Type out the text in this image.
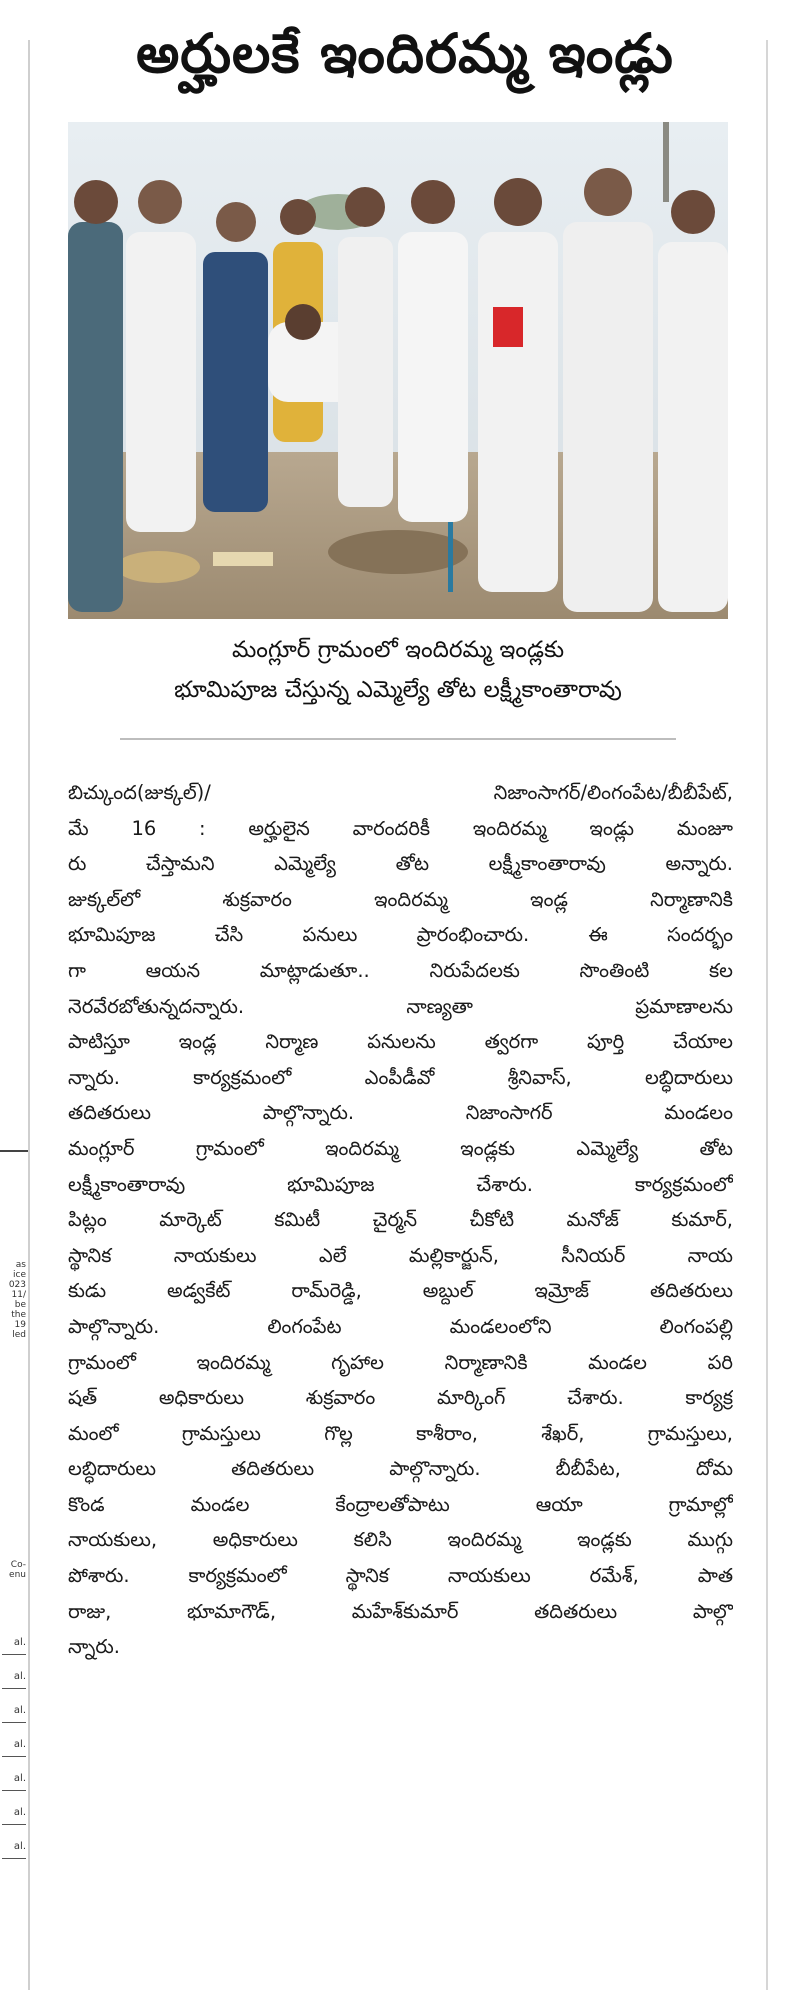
అర్హులకే ఇందిరమ్మ ఇండ్లు
మంగ్లూర్ గ్రామంలో ఇందిరమ్మ ఇండ్లకు
భూమిపూజ చేస్తున్న ఎమ్మెల్యే తోట లక్ష్మీకాంతారావు
బిచ్కుంద(జుక్కల్)/ నిజాంసాగర్/లింగంపేట/బీబీపేట్,
మే 16 : అర్హులైన వారందరికీ ఇందిరమ్మ ఇండ్లు మంజూ
రు చేస్తామని ఎమ్మెల్యే తోట లక్ష్మీకాంతారావు అన్నారు.
జుక్కల్‌లో శుక్రవారం ఇందిరమ్మ ఇండ్ల నిర్మాణానికి
భూమిపూజ చేసి పనులు ప్రారంభించారు. ఈ సందర్భం
గా ఆయన మాట్లాడుతూ.. నిరుపేదలకు సొంతింటి కల
నెరవేరబోతున్నదన్నారు. నాణ్యతా ప్రమాణాలను
పాటిస్తూ ఇండ్ల నిర్మాణ పనులను త్వరగా పూర్తి చేయాల
న్నారు. కార్యక్రమంలో ఎంపీడీవో శ్రీనివాస్, లబ్ధిదారులు
తదితరులు పాల్గొన్నారు. నిజాంసాగర్ మండలం
మంగ్లూర్ గ్రామంలో ఇందిరమ్మ ఇండ్లకు ఎమ్మెల్యే తోట
లక్ష్మీకాంతారావు భూమిపూజ చేశారు. కార్యక్రమంలో
పిట్లం మార్కెట్ కమిటీ చైర్మన్ చీకోటి మనోజ్ కుమార్,
స్థానిక నాయకులు ఎలే మల్లికార్జున్, సీనియర్ నాయ
కుడు అడ్వకేట్ రామ్‌రెడ్డి, అబ్దుల్ ఇమ్రోజ్ తదితరులు
పాల్గొన్నారు. లింగంపేట మండలంలోని లింగంపల్లి
గ్రామంలో ఇందిరమ్మ గృహాల నిర్మాణానికి మండల పరి
షత్ అధికారులు శుక్రవారం మార్కింగ్ చేశారు. కార్యక్ర
మంలో గ్రామస్తులు గొల్ల కాశీరాం, శేఖర్, గ్రామస్తులు,
లబ్ధిదారులు తదితరులు పాల్గొన్నారు. బీబీపేట, దోమ
కొండ మండల కేంద్రాలతోపాటు ఆయా గ్రామాల్లో
నాయకులు, అధికారులు కలిసి ఇందిరమ్మ ఇండ్లకు ముగ్గు
పోశారు. కార్యక్రమంలో స్థానిక నాయకులు రమేశ్, పాత
రాజు, భూమాగౌడ్, మహేశ్‌కుమార్ తదితరులు పాల్గొ
న్నారు.
as
ice
023
11/
be
the
19
led
Co-
enu
al.
al.
al.
al.
al.
al.
al.
